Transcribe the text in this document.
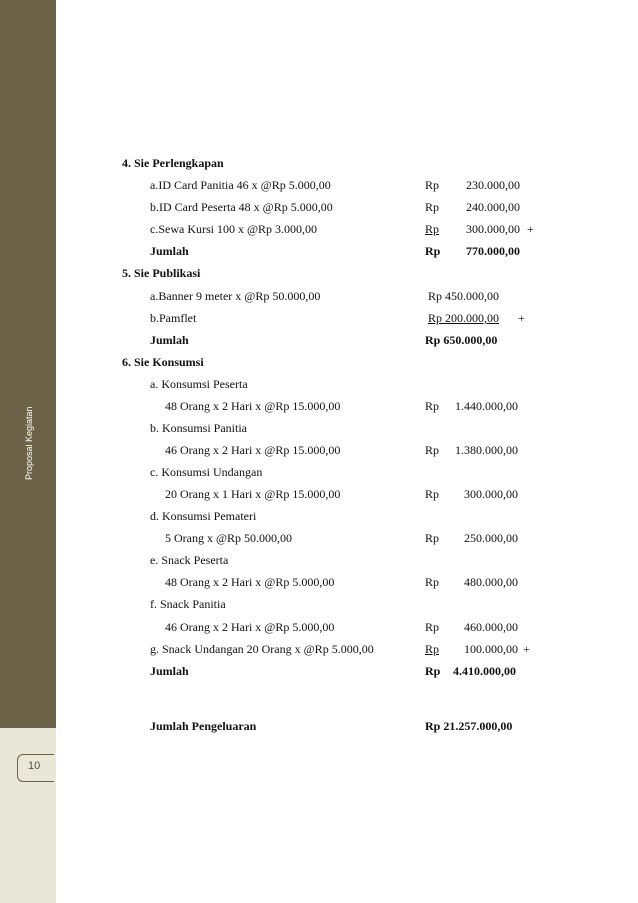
Proposal Kegiatan
10
4. Sie Perlengkapan
a.ID Card Panitia 46 x @Rp 5.000,00	Rp 230.000,00
b.ID Card Peserta 48 x @Rp 5.000,00	Rp 240.000,00
c.Sewa Kursi 100 x @Rp 3.000,00	Rp 300.000,00 +
Jumlah	Rp 770.000,00
5. Sie Publikasi
a.Banner 9 meter x @Rp 50.000,00	Rp 450.000,00
b.Pamflet	Rp 200.000,00 +
Jumlah	Rp 650.000,00
6. Sie Konsumsi
a. Konsumsi Peserta
48 Orang x 2 Hari x @Rp 15.000,00	Rp 1.440.000,00
b. Konsumsi Panitia
46 Orang x 2 Hari x @Rp 15.000,00	Rp 1.380.000,00
c. Konsumsi Undangan
20 Orang x 1 Hari x @Rp 15.000,00	Rp 300.000,00
d. Konsumsi Pemateri
5 Orang x @Rp 50.000,00	Rp 250.000,00
e. Snack Peserta
48 Orang x 2 Hari x @Rp 5.000,00	Rp 480.000,00
f. Snack Panitia
46 Orang x 2 Hari x @Rp 5.000,00	Rp 460.000,00
g. Snack Undangan 20 Orang x @Rp 5.000,00	Rp 100.000,00 +
Jumlah	Rp 4.410.000,00
Jumlah Pengeluaran	Rp 21.257.000,00
